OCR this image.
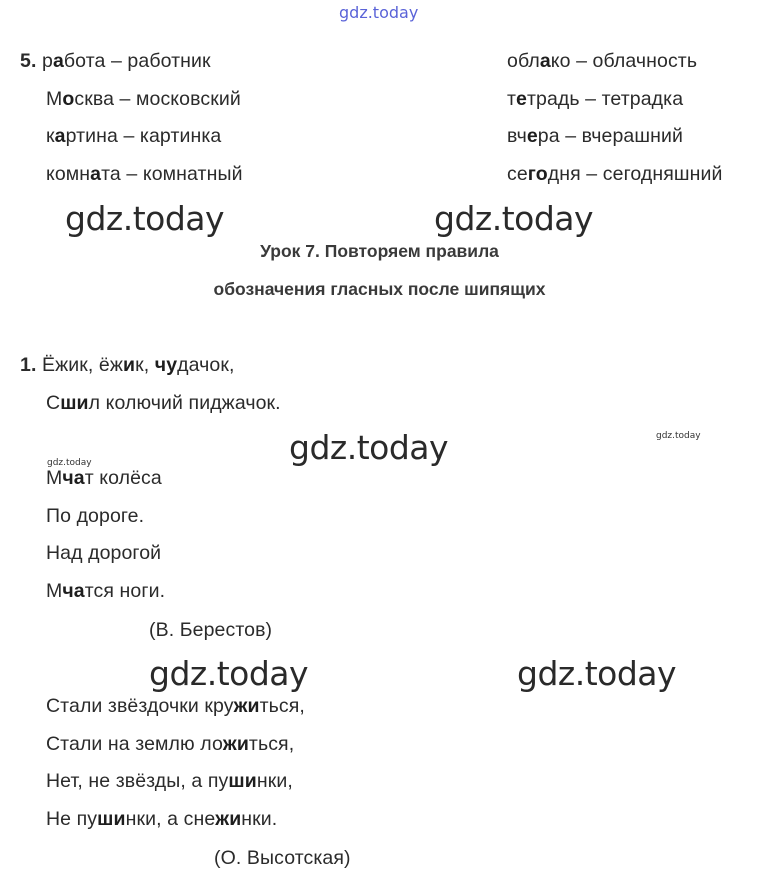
gdz.today
5. работа – работник
Москва – московский
картина – картинка
комната – комнатный
облако – облачность
тетрадь – тетрадка
вчера – вчерашний
сегодня – сегодняшний
gdz.today	gdz.today
Урок 7. Повторяем правила
обозначения гласных после шипящих
1. Ёжик, ёжик, чудачок,
Сшил колючий пиджачок.
gdz.today	gdz.today
gdz.today
Мчат колёса
По дороге.
Над дорогой
Мчатся ноги.
(В. Берестов)
gdz.today	gdz.today
Стали звёздочки кружиться,
Стали на землю ложиться,
Нет, не звёзды, а пушинки,
Не пушинки, а снежинки.
(О. Высотская)
